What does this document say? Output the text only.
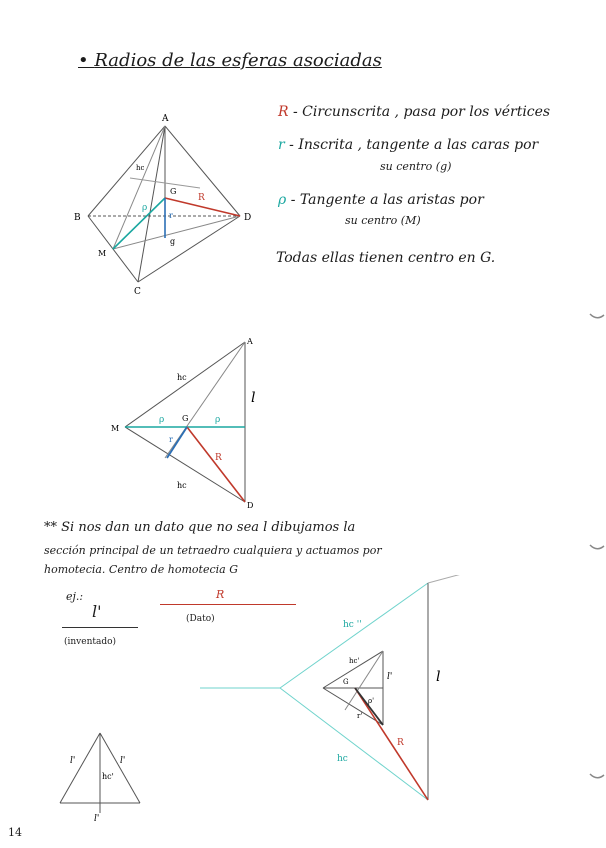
• Radios de las esferas asociadas
R - Circunscrita , pasa por los vértices
r - Inscrita , tangente a las caras por
su centro (g)
ρ - Tangente a las aristas por
su centro (M)
Todas ellas tienen centro en G.
A
B
C
D
M
G
g
R
r
ρ
hc
A
D
M
G
l
hc
hc
ρ	ρ
r
R
** Si nos dan un dato que no sea l dibujamos la
sección principal de un tetraedro cualquiera y actuamos por
homotecia. Centro de homotecia G
ej.:
l'
(inventado)
R
(Dato)
hc ''
hc
l
hc'
l'
G
ρ'
r'
R
l'	l'
hc'
l'
14
